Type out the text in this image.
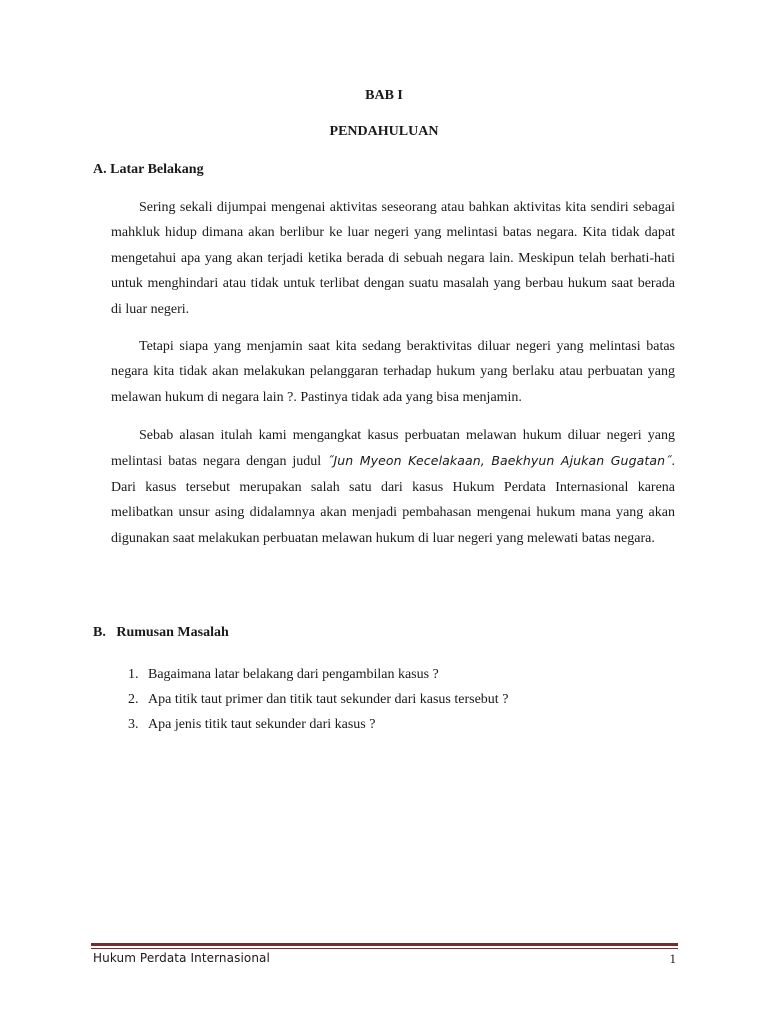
BAB I
PENDAHULUAN
A. Latar Belakang

Sering sekali dijumpai mengenai aktivitas seseorang atau bahkan aktivitas kita sendiri sebagai mahkluk hidup dimana akan berlibur ke luar negeri yang melintasi batas negara. Kita tidak dapat mengetahui apa yang akan terjadi ketika berada di sebuah negara lain. Meskipun telah berhati-hati untuk menghindari atau tidak untuk terlibat dengan suatu masalah yang berbau hukum saat berada di luar negeri.

Tetapi siapa yang menjamin saat kita sedang beraktivitas diluar negeri yang melintasi batas negara kita tidak akan melakukan pelanggaran terhadap hukum yang berlaku atau perbuatan yang melawan hukum di negara lain ?. Pastinya tidak ada yang bisa menjamin.

Sebab alasan itulah kami mengangkat kasus perbuatan melawan hukum diluar negeri yang melintasi batas negara dengan judul ˝Jun Myeon Kecelakaan, Baekhyun Ajukan Gugatan˝. Dari kasus tersebut merupakan salah satu dari kasus Hukum Perdata Internasional karena melibatkan unsur asing didalamnya akan menjadi pembahasan mengenai hukum mana yang akan digunakan saat melakukan perbuatan melawan hukum di luar negeri yang melewati batas negara.

B.   Rumusan Masalah
1. Bagaimana latar belakang dari pengambilan kasus ?
2. Apa titik taut primer dan titik taut sekunder dari kasus tersebut ?
3. Apa jenis titik taut sekunder dari kasus ?
Hukum Perdata Internasional	1
